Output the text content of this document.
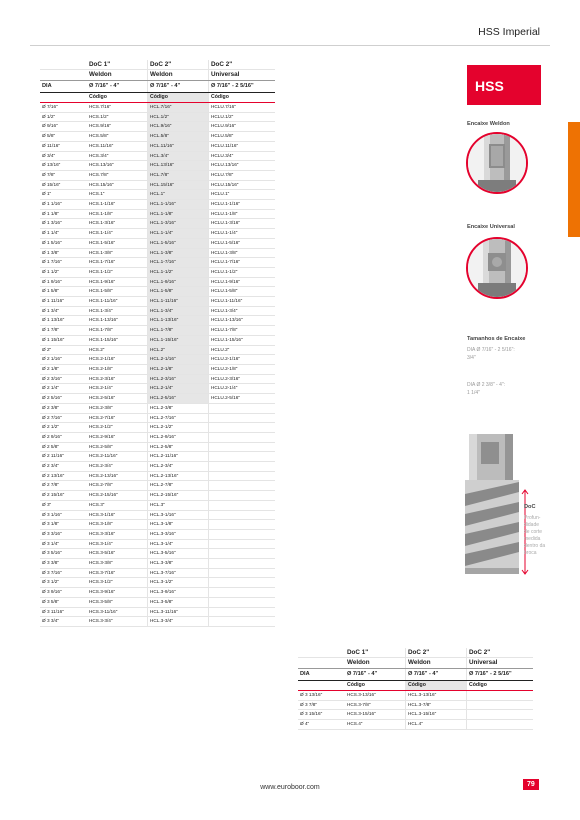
HSS Imperial
	DoC 1"	DoC 2"	DoC 2"
	Weldon	Weldon	Universal
DIA	Ø 7/16" - 4"	Ø 7/16" - 4"	Ø 7/16" - 2 5/16"
	Código	Código	Código
Ø 7/16"	HCS.7/16"	HCL.7/16"	HCLU.7/16"
Ø 1/2"	HCS.1/2"	HCL.1/2"	HCLU.1/2"
Ø 9/16"	HCS.9/16"	HCL.9/16"	HCLU.9/16"
Ø 5/8"	HCS.5/8"	HCL.5/8"	HCLU.5/8"
Ø 11/16"	HCS.11/16"	HCL.11/16"	HCLU.11/16"
Ø 3/4"	HCS.3/4"	HCL.3/4"	HCLU.3/4"
Ø 13/16"	HCS.13/16"	HCL.13/16"	HCLU.13/16"
Ø 7/8"	HCS.7/8"	HCL.7/8"	HCLU.7/8"
Ø 15/16"	HCS.15/16"	HCL.15/16"	HCLU.15/16"
Ø 1"	HCS.1"	HCL.1"	HCLU.1"
Ø 1 1/16"	HCS.1-1/16"	HCL.1-1/16"	HCLU.1-1/16"
Ø 1 1/8"	HCS.1-1/8"	HCL.1-1/8"	HCLU.1-1/8"
Ø 1 3/16"	HCS.1-3/16"	HCL.1-3/16"	HCLU.1-3/16"
Ø 1 1/4"	HCS.1-1/4"	HCL.1-1/4"	HCLU.1-1/4"
Ø 1 5/16"	HCS.1-5/16"	HCL.1-5/16"	HCLU.1-5/16"
Ø 1 3/8"	HCS.1-3/8"	HCL.1-3/8"	HCLU.1-3/8"
Ø 1 7/16"	HCS.1-7/16"	HCL.1-7/16"	HCLU.1-7/16"
Ø 1 1/2"	HCS.1-1/2"	HCL.1-1/2"	HCLU.1-1/2"
Ø 1 9/16"	HCS.1-9/16"	HCL.1-9/16"	HCLU.1-9/16"
Ø 1 5/8"	HCS.1-5/8"	HCL.1-5/8"	HCLU.1-5/8"
Ø 1 11/16"	HCS.1-11/16"	HCL.1-11/16"	HCLU.1-11/16"
Ø 1 3/4"	HCS.1-3/4"	HCL.1-3/4"	HCLU.1-3/4"
Ø 1 13/16"	HCS.1-13/16"	HCL.1-13/16"	HCLU.1-13/16"
Ø 1 7/8"	HCS.1-7/8"	HCL.1-7/8"	HCLU.1-7/8"
Ø 1 15/16"	HCS.1-15/16"	HCL.1-15/16"	HCLU.1-15/16"
Ø 2"	HCS.2"	HCL.2"	HCLU.2"
Ø 2 1/16"	HCS.2-1/16"	HCL.2-1/16"	HCLU.2-1/16"
Ø 2 1/8"	HCS.2-1/8"	HCL.2-1/8"	HCLU.2-1/8"
Ø 2 3/16"	HCS.2-3/16"	HCL.2-3/16"	HCLU.2-3/16"
Ø 2 1/4"	HCS.2-1/4"	HCL.2-1/4"	HCLU.2-1/4"
Ø 2 5/16"	HCS.2-5/16"	HCL.2-5/16"	HCLU.2-5/16"
Ø 2 3/8"	HCS.2-3/8"	HCL.2-3/8"	
Ø 2 7/16"	HCS.2-7/16"	HCL.2-7/16"	
Ø 2 1/2"	HCS.2-1/2"	HCL.2-1/2"	
Ø 2 9/16"	HCS.2-9/16"	HCL.2-9/16"	
Ø 2 5/8"	HCS.2-5/8"	HCL.2-5/8"	
Ø 2 11/16"	HCS.2-11/16"	HCL.2-11/16"	
Ø 2 3/4"	HCS.2-3/4"	HCL.2-3/4"	
Ø 2 13/16"	HCS.2-13/16"	HCL.2-13/16"	
Ø 2 7/8"	HCS.2-7/8"	HCL.2-7/8"	
Ø 2 15/16"	HCS.2-15/16"	HCL.2-15/16"	
Ø 3"	HCS.3"	HCL.3"	
Ø 3 1/16"	HCS.3-1/16"	HCL.3-1/16"	
Ø 3 1/8"	HCS.3-1/8"	HCL.3-1/8"	
Ø 3 3/16"	HCS.3-3/16"	HCL.3-3/16"	
Ø 3 1/4"	HCS.3-1/4"	HCL.3-1/4"	
Ø 3 5/16"	HCS.3-5/16"	HCL.3-5/16"	
Ø 3 3/8"	HCS.3-3/8"	HCL.3-3/8"	
Ø 3 7/16"	HCS.3-7/16"	HCL.3-7/16"	
Ø 3 1/2"	HCS.3-1/2"	HCL.3-1/2"	
Ø 3 9/16"	HCS.3-9/16"	HCL.3-9/16"	
Ø 3 5/8"	HCS.3-5/8"	HCL.3-5/8"	
Ø 3 11/16"	HCS.3-11/16"	HCL.3-11/16"	
Ø 3 3/4"	HCS.3-3/4"	HCL.3-3/4"	
	DoC 1"	DoC 2"	DoC 2"
	Weldon	Weldon	Universal
DIA	Ø 7/16" - 4"	Ø 7/16" - 4"	Ø 7/16" - 2 5/16"
	Código	Código	Código
Ø 3 13/16"	HCS.3-13/16"	HCL.3-13/16"	
Ø 3 7/8"	HCS.3-7/8"	HCL.3-7/8"	
Ø 3 15/16"	HCS.3-15/16"	HCL.3-15/16"	
Ø 4"	HCS.4"	HCL.4"	
HSS
Encaixe Weldon
Encaixe Universal
Tamanhos de Encaixe
DIA Ø 7/16" - 2 5/16":
3/4"
DIA Ø 2 3/8" - 4":
1 1/4"
DoC
Profun-
didade
de corte
medida
dentro da
broca
www.euroboor.com	79
